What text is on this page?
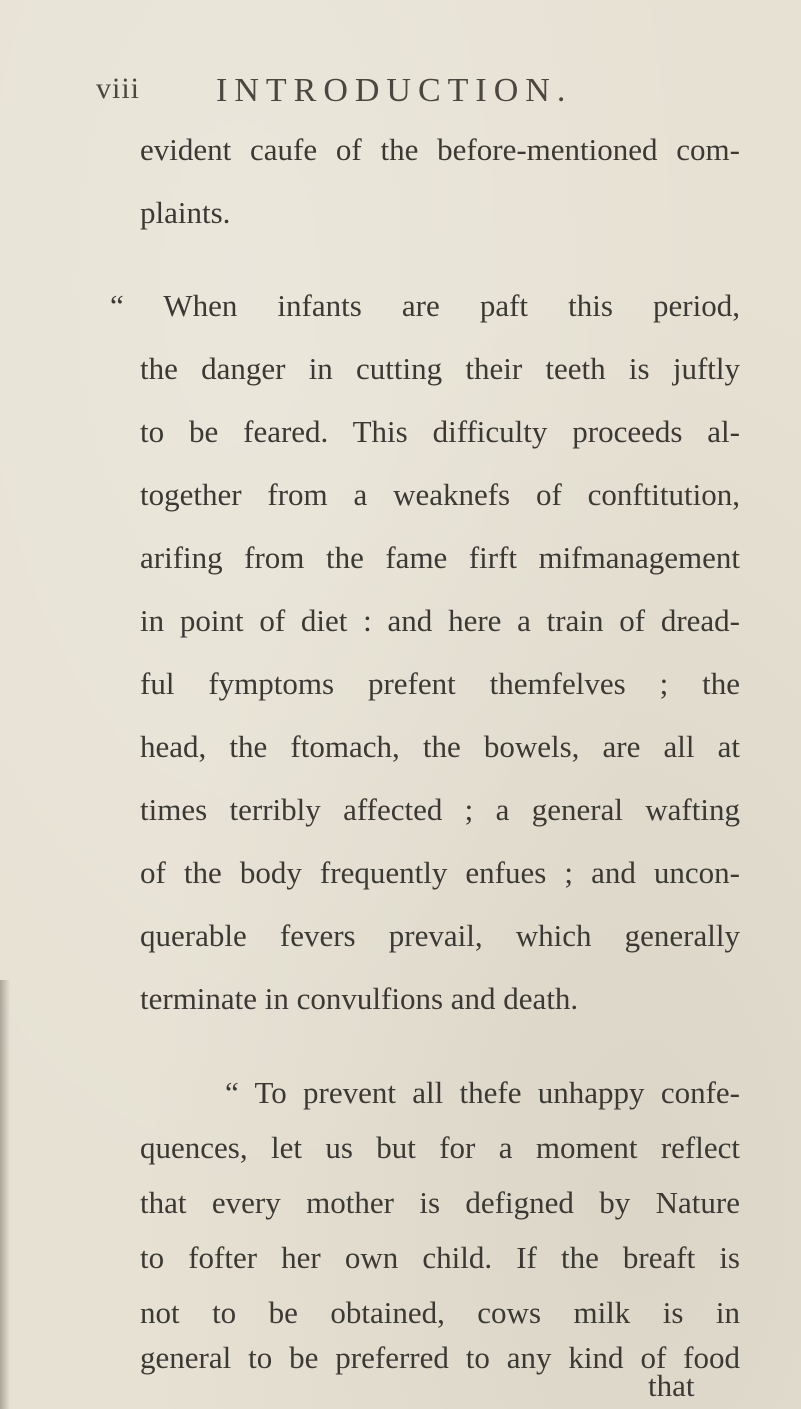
viii INTRODUCTION.
evident caufe of the before-mentioned com-
plaints.
“ When infants are paft this period,
the danger in cutting their teeth is juftly
to be feared. This difficulty proceeds al-
together from a weaknefs of conftitution,
arifing from the fame firft mifmanagement
in point of diet : and here a train of dread-
ful fymptoms prefent themfelves ; the
head, the ftomach, the bowels, are all at
times terribly affected ; a general wafting
of the body frequently enfues ; and uncon-
querable fevers prevail, which generally
terminate in convulfions and death.
“ To prevent all thefe unhappy confe-
quences, let us but for a moment reflect
that every mother is defigned by Nature
to fofter her own child. If the breaft is
not to be obtained, cows milk is in
general to be preferred to any kind of food
that
